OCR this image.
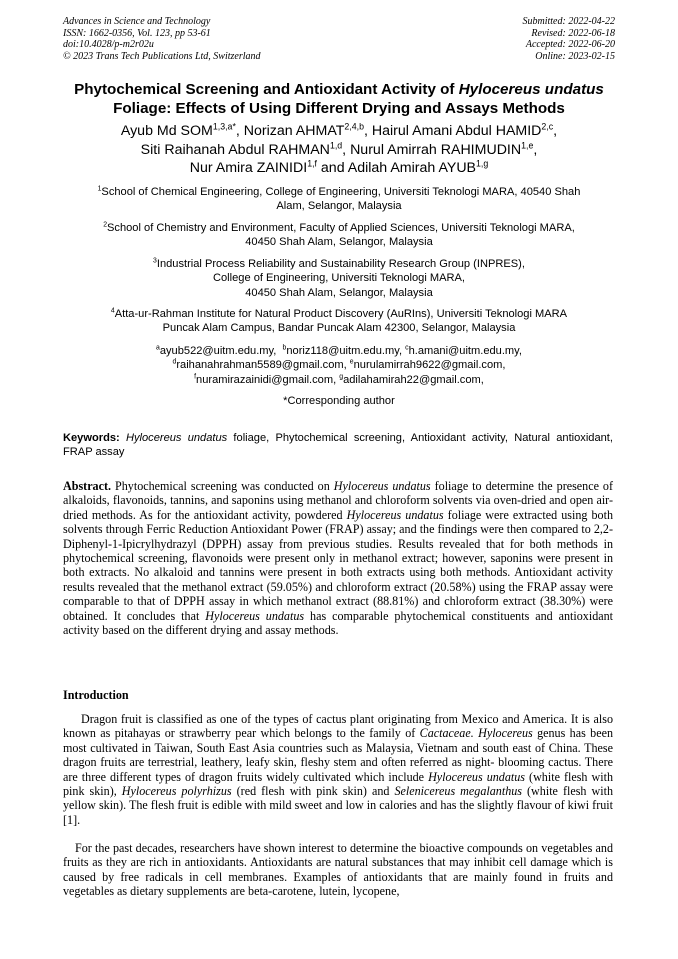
Advances in Science and Technology
ISSN: 1662-0356, Vol. 123, pp 53-61
doi:10.4028/p-m2r02u
© 2023 Trans Tech Publications Ltd, Switzerland
Submitted: 2022-04-22
Revised: 2022-06-18
Accepted: 2022-06-20
Online: 2023-02-15
Phytochemical Screening and Antioxidant Activity of Hylocereus undatus Foliage: Effects of Using Different Drying and Assays Methods
Ayub Md $SOM^{1,3,a*}$, Norizan AHMAT$^{2,4,b}$, Hairul Amani Abdul HAMID$^{2,c}$,
Siti Raihanah Abdul RAHMAN$^{1,d}$, Nurul Amirrah RAHIMUDIN$^{1,e}$,
Nur Amira ZAINIDI$^{1,f}$ and Adilah Amirah AYUB$^{1,g}$
$^1$School of Chemical Engineering, College of Engineering, Universiti Teknologi MARA, 40540 Shah
Alam, Selangor, Malaysia
$^2$School of Chemistry and Environment, Faculty of Applied Sciences, Universiti Teknologi MARA,
40450 Shah Alam, Selangor, Malaysia
$^3$Industrial Process Reliability and Sustainability Research Group (INPRES),
College of Engineering, Universiti Teknologi MARA,
40450 Shah Alam, Selangor, Malaysia
$^4$Atta-ur-Rahman Institute for Natural Product Discovery (AuRIns), Universiti Teknologi MARA
Puncak Alam Campus, Bandar Puncak Alam 42300, Selangor, Malaysia
$^a$ayub522@uitm.edu.my, $^b$noriz118@uitm.edu.my, $^c$h.amani@uitm.edu.my,
$^d$raihanahrahman5589@gmail.com, $^e$nurulamirrah9622@gmail.com,
$^f$nuramirazainidi@gmail.com, $^g$adilahamirah22@gmail.com,
*Corresponding author
Keywords: Hylocereus undatus foliage, Phytochemical screening, Antioxidant activity, Natural antioxidant, FRAP assay
Abstract. Phytochemical screening was conducted on Hylocereus undatus foliage to determine the presence of alkaloids, flavonoids, tannins, and saponins using methanol and chloroform solvents via oven-dried and open air-dried methods. As for the antioxidant activity, powdered Hylocereus undatus foliage were extracted using both solvents through Ferric Reduction Antioxidant Power (FRAP) assay; and the findings were then compared to 2,2-Diphenyl-1-Ipicrylhydrazyl (DPPH) assay from previous studies. Results revealed that for both methods in phytochemical screening, flavonoids were present only in methanol extract; however, saponins were present in both extracts. No alkaloid and tannins were present in both extracts using both methods. Antioxidant activity results revealed that the methanol extract (59.05%) and chloroform extract (20.58%) using the FRAP assay were comparable to that of DPPH assay in which methanol extract (88.81%) and chloroform extract (38.30%) were obtained. It concludes that Hylocereus undatus has comparable phytochemical constituents and antioxidant activity based on the different drying and assay methods.
Introduction
Dragon fruit is classified as one of the types of cactus plant originating from Mexico and America. It is also known as pitahayas or strawberry pear which belongs to the family of Cactaceae. Hylocereus genus has been most cultivated in Taiwan, South East Asia countries such as Malaysia, Vietnam and south east of China. These dragon fruits are terrestrial, leathery, leafy skin, fleshy stem and often referred as night- blooming cactus. There are three different types of dragon fruits widely cultivated which include Hylocereus undatus (white flesh with pink skin), Hylocereus polyrhizus (red flesh with pink skin) and Selenicereus megalanthus (white flesh with yellow skin). The flesh fruit is edible with mild sweet and low in calories and has the slightly flavour of kiwi fruit [1].
For the past decades, researchers have shown interest to determine the bioactive compounds on vegetables and fruits as they are rich in antioxidants. Antioxidants are natural substances that may inhibit cell damage which is caused by free radicals in cell membranes. Examples of antioxidants that are mainly found in fruits and vegetables as dietary supplements are beta-carotene, lutein, lycopene,
